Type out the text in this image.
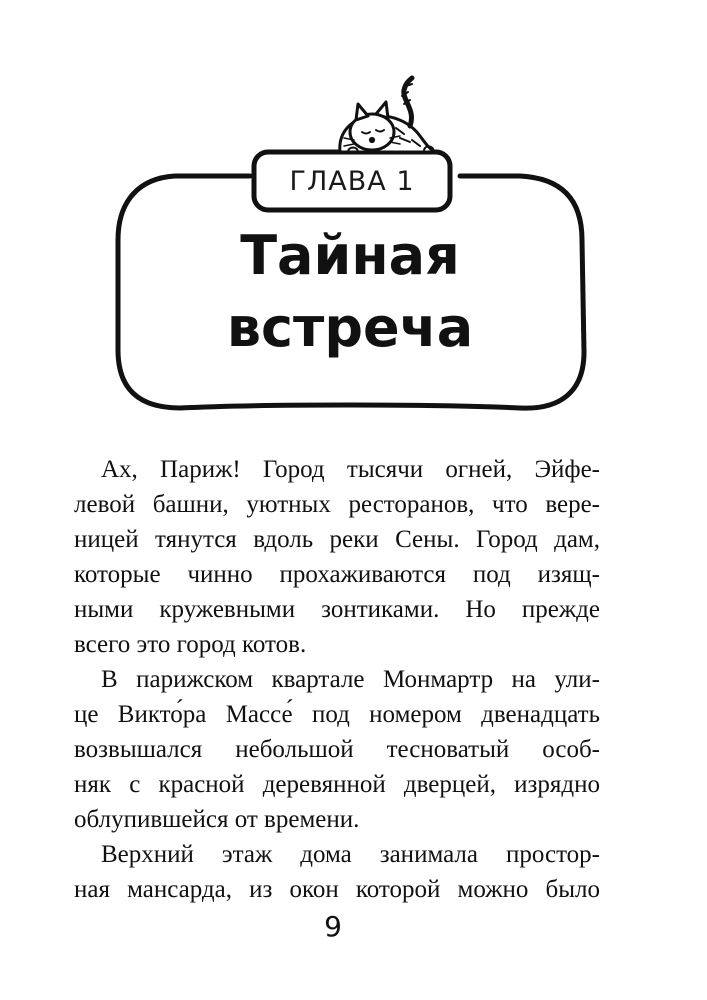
ГЛАВА 1
Тайная
встреча
Ах, Париж! Город тысячи огней, Эйфе-
левой башни, уютных ресторанов, что вере-
ницей тянутся вдоль реки Сены. Город дам,
которые чинно прохаживаются под изящ-
ными кружевными зонтиками. Но прежде
всего это город котов.
В парижском квартале Монмартр на ули-
це Викто́ра Массе́ под номером двенадцать
возвышался небольшой тесноватый особ-
няк с красной деревянной дверцей, изрядно
облупившейся от времени.
Верхний этаж дома занимала простор-
ная мансарда, из окон которой можно было
9
